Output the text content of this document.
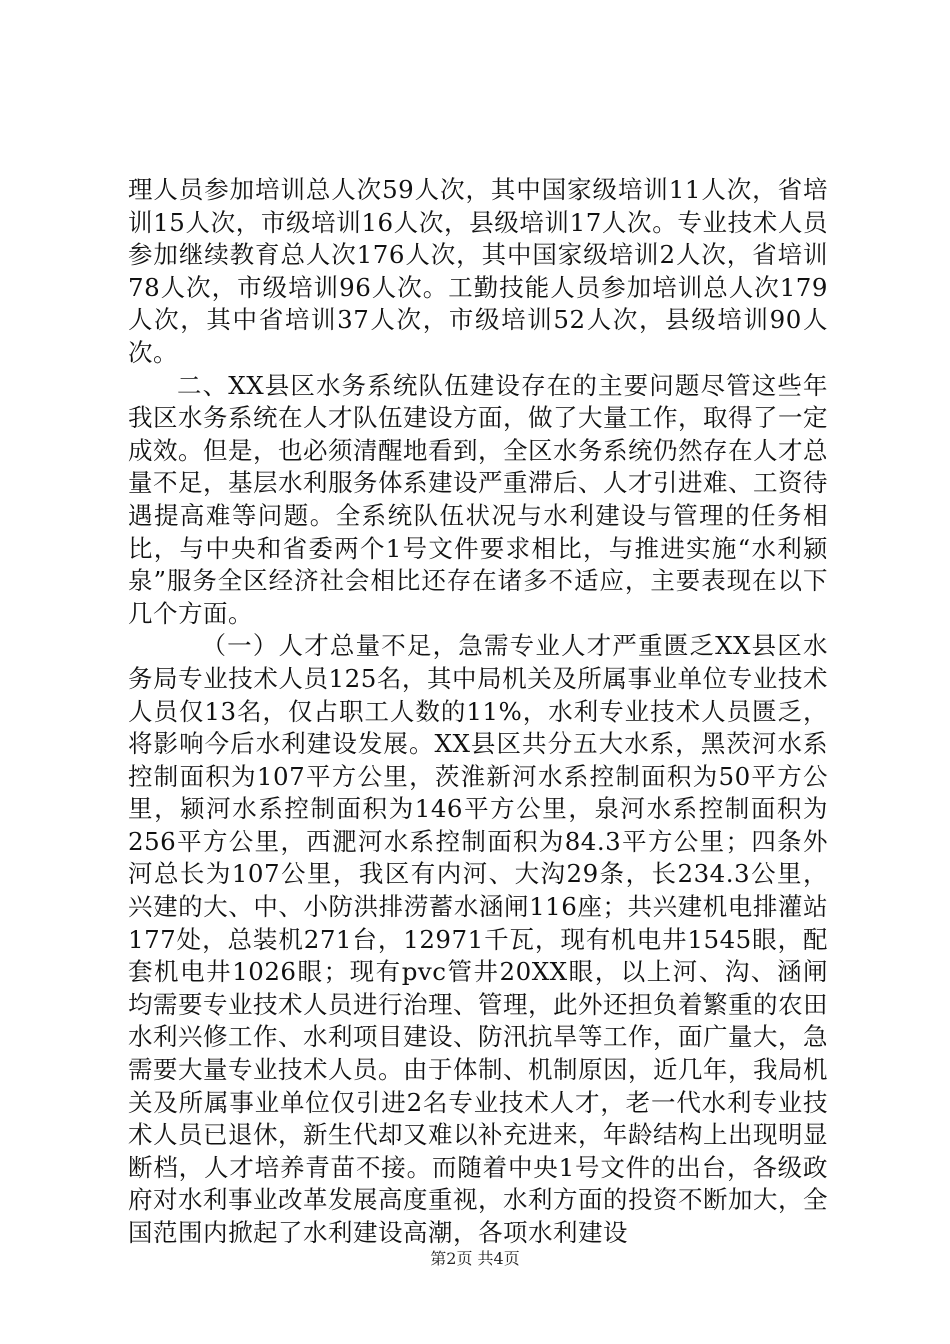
理人员参加培训总人次59人次，其中国家级培训11人次，省培训15人次，市级培训16人次，县级培训17人次。专业技术人员参加继续教育总人次176人次，其中国家级培训2人次，省培训78人次，市级培训96人次。工勤技能人员参加培训总人次179人次，其中省培训37人次，市级培训52人次，县级培训90人次。

二、XX县区水务系统队伍建设存在的主要问题尽管这些年我区水务系统在人才队伍建设方面，做了大量工作，取得了一定成效。但是，也必须清醒地看到，全区水务系统仍然存在人才总量不足，基层水利服务体系建设严重滞后、人才引进难、工资待遇提高难等问题。全系统队伍状况与水利建设与管理的任务相比，与中央和省委两个1号文件要求相比，与推进实施“水利颍泉”服务全区经济社会相比还存在诸多不适应，主要表现在以下几个方面。

（一）人才总量不足，急需专业人才严重匮乏XX县区水务局专业技术人员125名，其中局机关及所属事业单位专业技术人员仅13名，仅占职工人数的11%，水利专业技术人员匮乏，将影响今后水利建设发展。XX县区共分五大水系，黑茨河水系控制面积为107平方公里，茨淮新河水系控制面积为50平方公里，颍河水系控制面积为146平方公里，泉河水系控制面积为256平方公里，西淝河水系控制面积为84.3平方公里；四条外河总长为107公里，我区有内河、大沟29条，长234.3公里，兴建的大、中、小防洪排涝蓄水涵闸116座；共兴建机电排灌站177处，总装机271台，12971千瓦，现有机电井1545眼，配套机电井1026眼；现有pvc管井20XX眼，以上河、沟、涵闸均需要专业技术人员进行治理、管理，此外还担负着繁重的农田水利兴修工作、水利项目建设、防汛抗旱等工作，面广量大，急需要大量专业技术人员。由于体制、机制原因，近几年，我局机关及所属事业单位仅引进2名专业技术人才，老一代水利专业技术人员已退休，新生代却又难以补充进来，年龄结构上出现明显断档，人才培养青苗不接。而随着中央1号文件的出台，各级政府对水利事业改革发展高度重视，水利方面的投资不断加大，全国范围内掀起了水利建设高潮，各项水利建设

第2页 共4页
